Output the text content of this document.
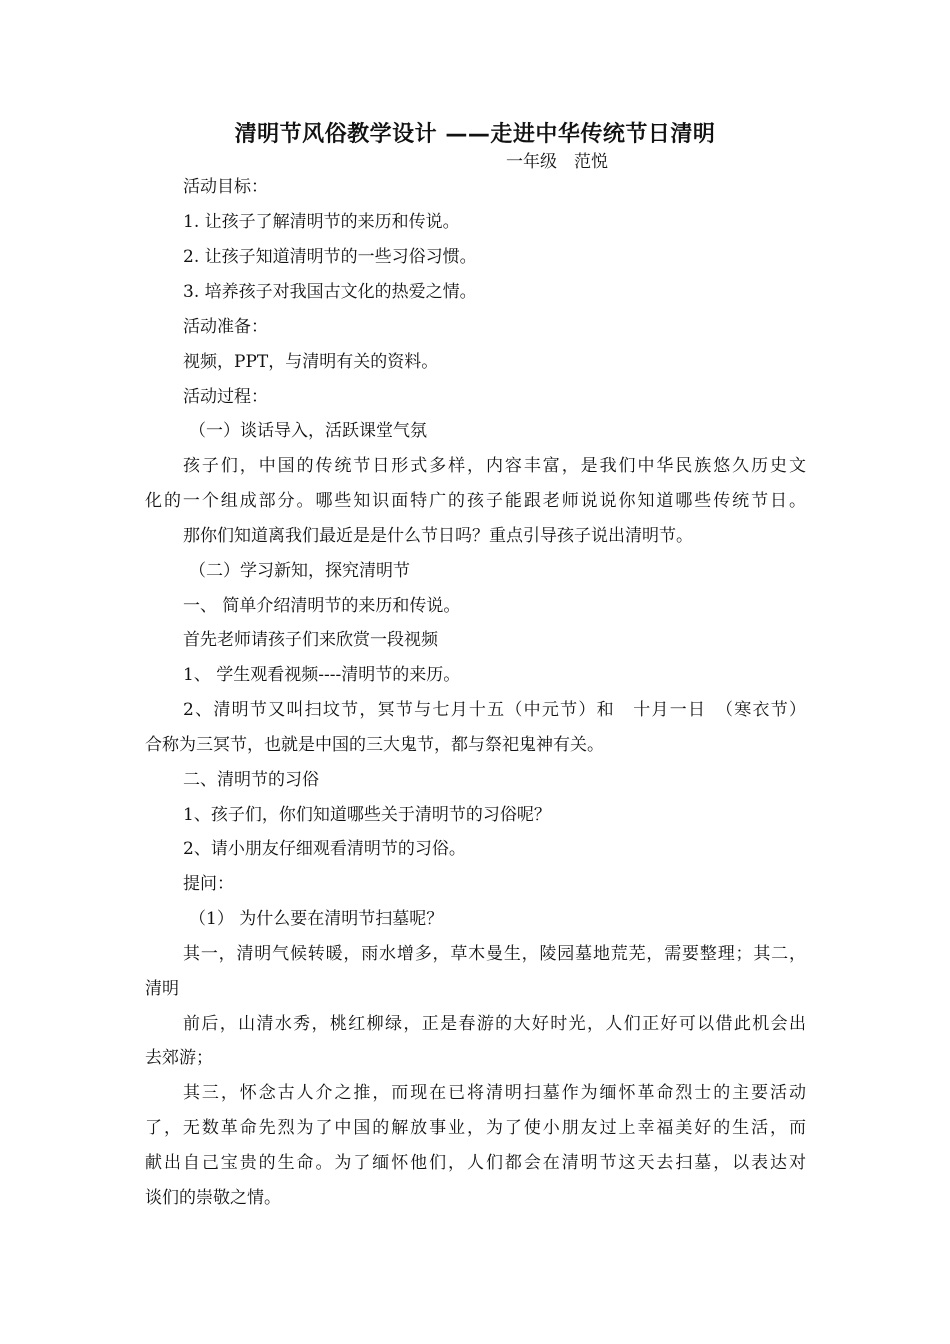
清明节风俗教学设计 ——走进中华传统节日清明
一年级　范悦
活动目标：
1. 让孩子了解清明节的来历和传说。
2. 让孩子知道清明节的一些习俗习惯。
3. 培养孩子对我国古文化的热爱之情。
活动准备：
视频，PPT，与清明有关的资料。
活动过程：
（一）谈话导入，活跃课堂气氛
孩子们，中国的传统节日形式多样，内容丰富，是我们中华民族悠久历史文
化的一个组成部分。哪些知识面特广的孩子能跟老师说说你知道哪些传统节日。
那你们知道离我们最近是是什么节日吗？重点引导孩子说出清明节。
（二）学习新知，探究清明节
一、 简单介绍清明节的来历和传说。
首先老师请孩子们来欣赏一段视频
1、 学生观看视频----清明节的来历。
2、清明节又叫扫坟节，冥节与七月十五（中元节）和　十月一日　（寒衣节）
合称为三冥节，也就是中国的三大鬼节，都与祭祀鬼神有关。
二、清明节的习俗
1、孩子们，你们知道哪些关于清明节的习俗呢？
2、请小朋友仔细观看清明节的习俗。
提问：
（1） 为什么要在清明节扫墓呢？
其一，清明气候转暖，雨水增多，草木曼生，陵园墓地荒芜，需要整理；其二，
清明
前后，山清水秀，桃红柳绿，正是春游的大好时光，人们正好可以借此机会出
去郊游；
其三，怀念古人介之推，而现在已将清明扫墓作为缅怀革命烈士的主要活动
了，无数革命先烈为了中国的解放事业，为了使小朋友过上幸福美好的生活，而
献出自己宝贵的生命。为了缅怀他们，人们都会在清明节这天去扫墓，以表达对
谈们的崇敬之情。
